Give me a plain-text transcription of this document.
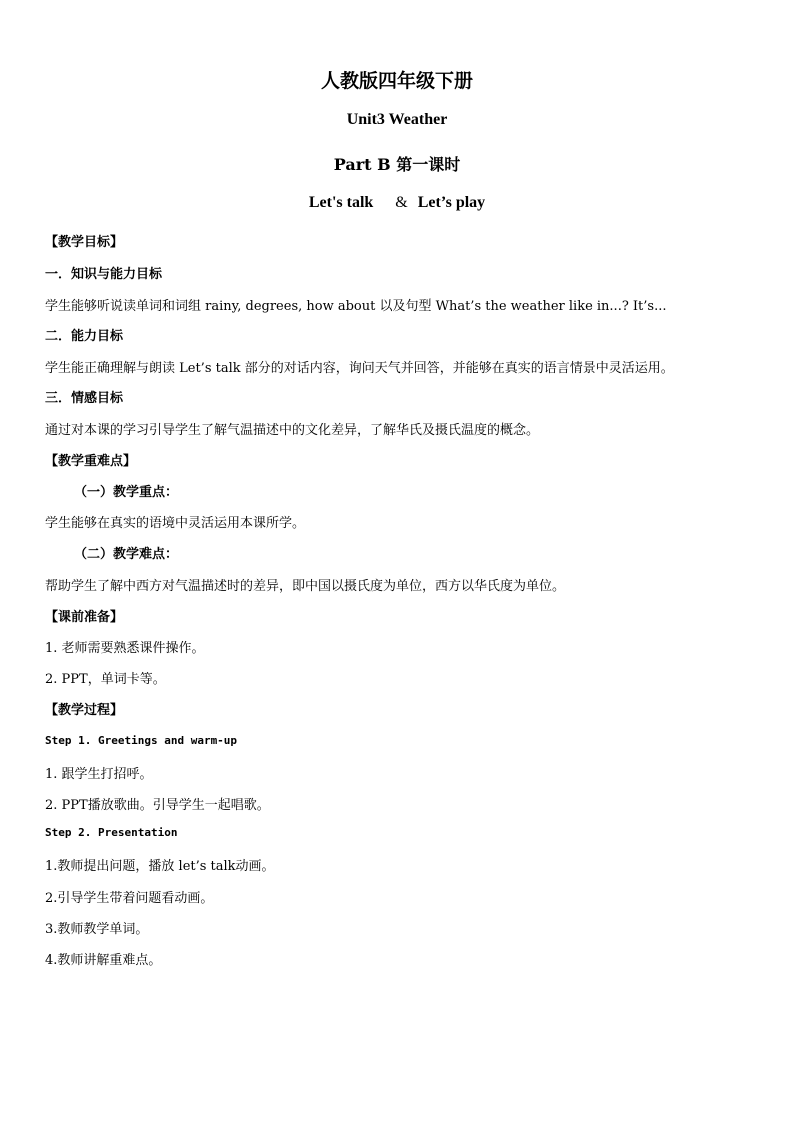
人教版四年级下册
Unit3 Weather
Part B 第一课时
Let's talk & Let’s play
【教学目标】
一．知识与能力目标
学生能够听说读单词和词组 rainy, degrees, how about 以及句型 What’s the weather like in...? It’s...
二．能力目标
学生能正确理解与朗读 Let’s talk 部分的对话内容，询问天气并回答，并能够在真实的语言情景中灵活运用。
三．情感目标
通过对本课的学习引导学生了解气温描述中的文化差异，了解华氏及摄氏温度的概念。
【教学重难点】
（一）教学重点：
学生能够在真实的语境中灵活运用本课所学。
（二）教学难点：
帮助学生了解中西方对气温描述时的差异，即中国以摄氏度为单位，西方以华氏度为单位。
【课前准备】
1. 老师需要熟悉课件操作。
2. PPT，单词卡等。
【教学过程】
Step 1. Greetings and warm-up
1. 跟学生打招呼。
2. PPT播放歌曲。引导学生一起唱歌。
Step 2. Presentation
1.教师提出问题，播放 let’s talk动画。
2.引导学生带着问题看动画。
3.教师教学单词。
4.教师讲解重难点。
